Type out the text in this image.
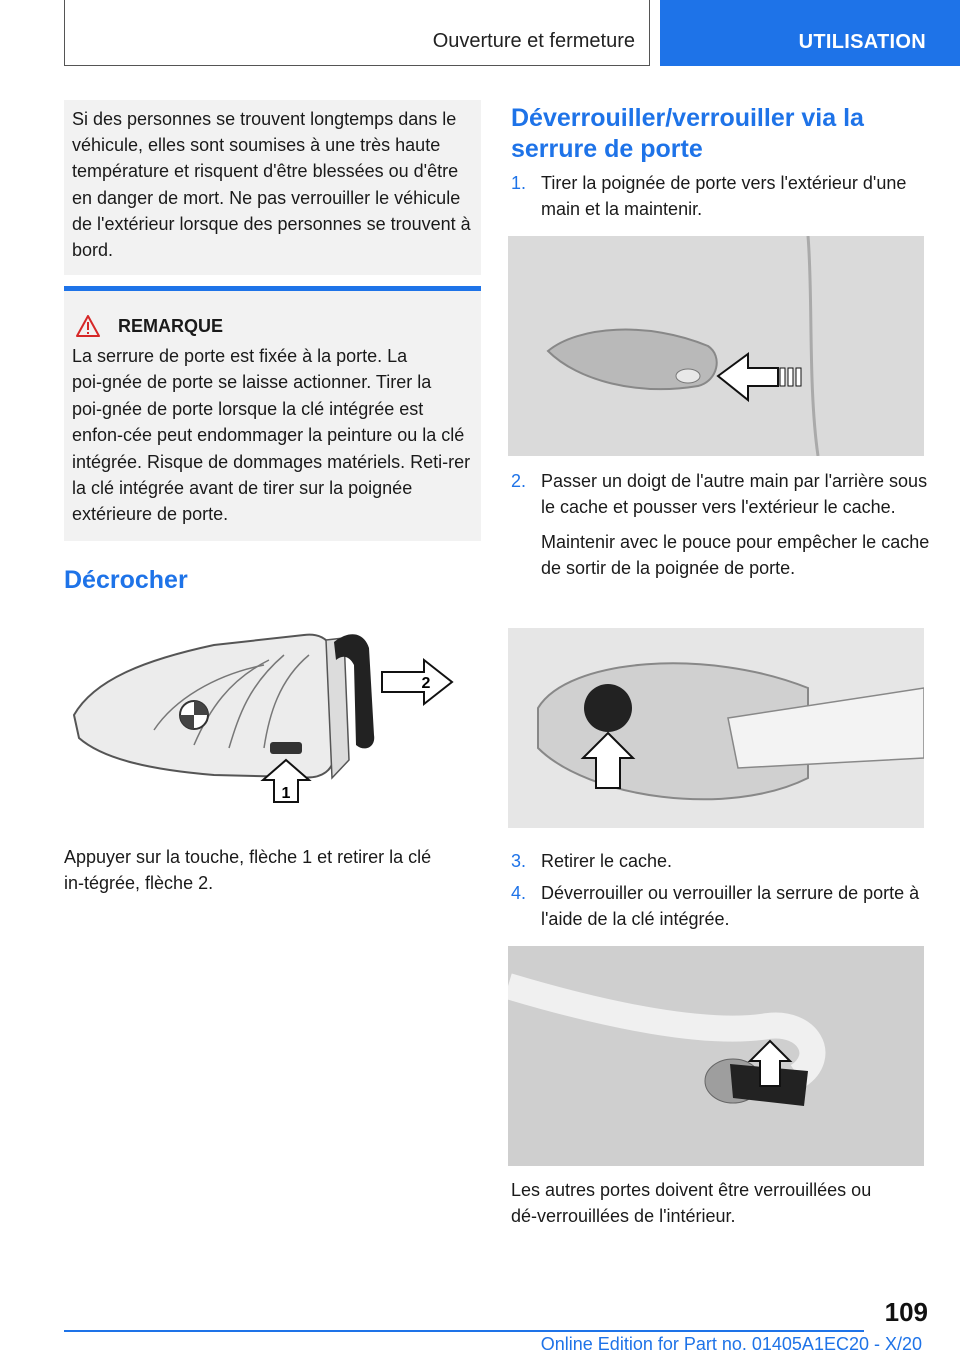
Ouverture et fermeture	UTILISATION

Si des personnes se trouvent longtemps dans le véhicule, elles sont soumises à une très haute température et risquent d'être blessées ou d'être en danger de mort. Ne pas verrouiller le véhicule de l'extérieur lorsque des personnes se trouvent à bord.

REMARQUE

La serrure de porte est fixée à la porte. La poi‑gnée de porte se laisse actionner. Tirer la poi‑gnée de porte lorsque la clé intégrée est enfon‑cée peut endommager la peinture ou la clé intégrée. Risque de dommages matériels. Reti‑rer la clé intégrée avant de tirer sur la poignée extérieure de porte.

Décrocher
1
2

Appuyer sur la touche, flèche 1 et retirer la clé in‑tégrée, flèche 2.

Déverrouiller/verrouiller via la serrure de porte
1. Tirer la poignée de porte vers l'extérieur d'une main et la maintenir.

2. Passer un doigt de l'autre main par l'arrière sous le cache et pousser vers l'extérieur le cache.

Maintenir avec le pouce pour empêcher le cache de sortir de la poignée de porte.

3. Retirer le cache.

4. Déverrouiller ou verrouiller la serrure de porte à l'aide de la clé intégrée.

Les autres portes doivent être verrouillées ou dé‑verrouillées de l'intérieur.

109
Online Edition for Part no. 01405A1EC20 - X/20
